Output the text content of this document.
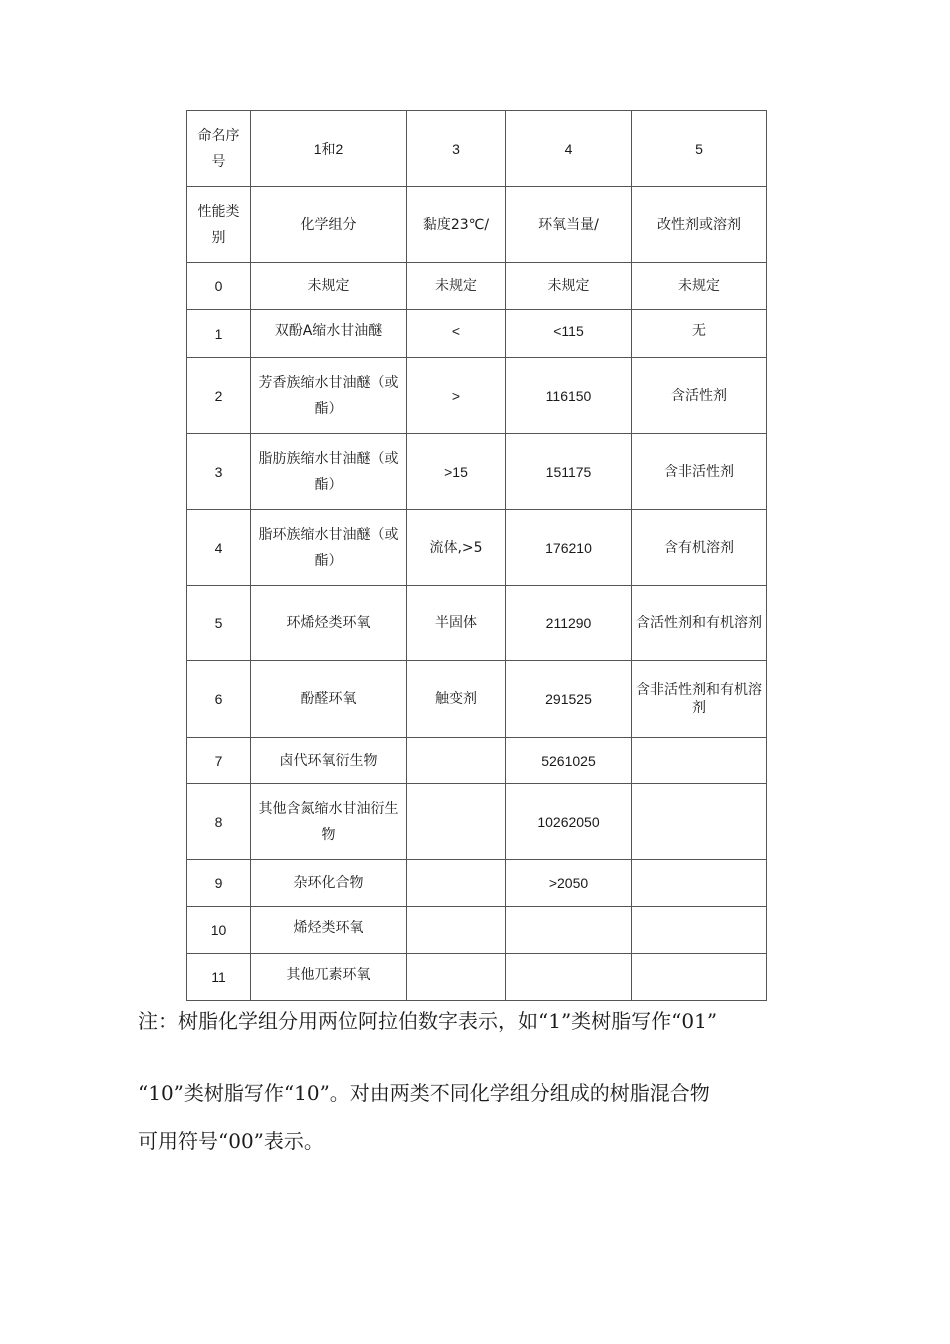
命名序号	1和2	3	4	5
性能类别	化学组分	黏度23℃/	环氧当量/	改性剂或溶剂
0	未规定	未规定	未规定	未规定
1	双酚A缩水甘油醚	<	<115	无
2	芳香族缩水甘油醚（或酯）	>	116150	含活性剂
3	脂肪族缩水甘油醚（或酯）	>15	151175	含非活性剂
4	脂环族缩水甘油醚（或酯）	流体,>5	176210	含有机溶剂
5	环烯烃类环氧	半固体	211290	含活性剂和有机溶剂
6	酚醛环氧	触变剂	291525	含非活性剂和有机溶剂
7	卤代环氧衍生物		5261025	
8	其他含氮缩水甘油衍生物		10262050	
9	杂环化合物		>2050	
10	烯烃类环氧			
11	其他兀素环氧			

注：树脂化学组分用两位阿拉伯数字表示，如“1”类树脂写作“01”

“10”类树脂写作“10”。对由两类不同化学组分组成的树脂混合物

可用符号“00”表示。
